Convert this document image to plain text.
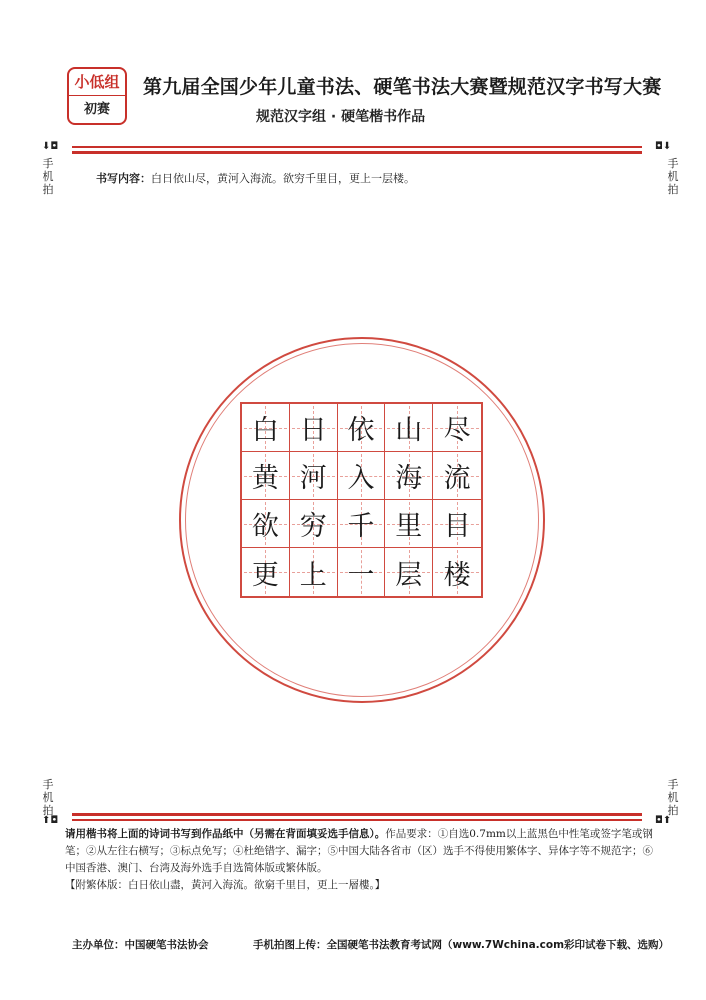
小低组
初赛
第九届全国少年儿童书法、硬笔书法大赛暨规范汉字书写大赛
规范汉字组 · 硬笔楷书作品
⬇◘
手机拍
◘⬇
手机拍
书写内容：白日依山尽，黄河入海流。欲穷千里目，更上一层楼。
白 日 依 山 尽
黄 河 入 海 流
欲 穷 千 里 目
更 上 一 层 楼
手机拍
⬆◘
手机拍
◘⬆
请用楷书将上面的诗词书写到作品纸中（另需在背面填妥选手信息）。作品要求：①自选0.7mm以上蓝黑色中性笔或签字笔或钢笔；②从左往右横写；③标点免写；④杜绝错字、漏字；⑤中国大陆各省市（区）选手不得使用繁体字、异体字等不规范字；⑥中国香港、澳门、台湾及海外选手自选简体版或繁体版。
【附繁体版：白日依山盡，黃河入海流。欲窮千里目，更上一層樓。】
主办单位：中国硬笔书法协会	手机拍图上传：全国硬笔书法教育考试网（www.7Wchina.com彩印试卷下载、选购）
